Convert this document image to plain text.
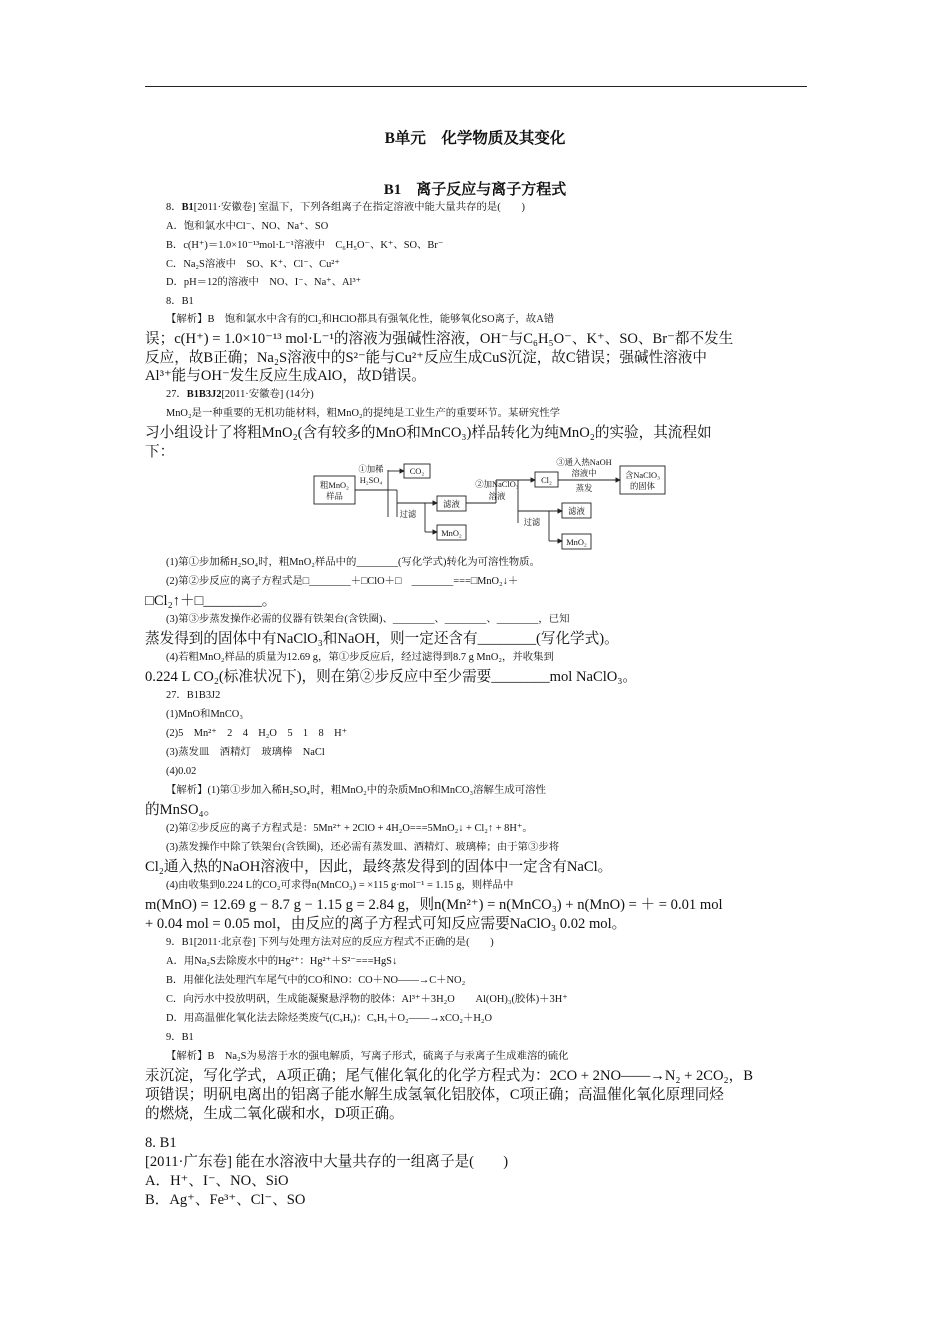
B单元　化学物质及其变化
B1　离子反应与离子方程式
8．B1[2011·安徽卷] 室温下，下列各组离子在指定溶液中能大量共存的是(　　)
A．饱和氯水中Cl⁻、NO、Na⁺、SO
B．c(H⁺)＝1.0×10⁻¹³mol·L⁻¹溶液中　C₆H₅O⁻、K⁺、SO、Br⁻
C．Na₂S溶液中　SO、K⁺、Cl⁻、Cu²⁺
D．pH＝12的溶液中　NO、I⁻、Na⁺、Al³⁺
8．B1
【解析】B　饱和氯水中含有的Cl₂和HClO都具有强氧化性，能够氧化SO离子，故A错
误；c(H⁺) = 1.0×10⁻¹³ mol·L⁻¹的溶液为强碱性溶液，OH⁻与C₆H₅O⁻、K⁺、SO、Br⁻都不发生
反应，故B正确；Na₂S溶液中的S²⁻能与Cu²⁺反应生成CuS沉淀，故C错误；强碱性溶液中
Al³⁺能与OH⁻发生反应生成AlO，故D错误。
27．B1B3J2[2011·安徽卷] (14分)
MnO₂是一种重要的无机功能材料，粗MnO₂的提纯是工业生产的重要环节。某研究性学
习小组设计了将粗MnO₂(含有较多的MnO和MnCO₃)样品转化为纯MnO₂的实验，其流程如
下：
粗MnO₂
样品
①加稀
H₂SO₄
CO₂
过滤
滤液
MnO₂
②加NaClO₃
溶液
Cl₂
③通入热NaOH
溶液中
蒸发
含NaClO₃
的固体
过滤
滤液
MnO₂
(1)第①步加稀H₂SO₄时，粗MnO₂样品中的________(写化学式)转化为可溶性物质。
(2)第②步反应的离子方程式是□________＋□ClO＋□　________===□MnO₂↓＋
□Cl₂↑＋□________。
(3)第③步蒸发操作必需的仪器有铁架台(含铁圈)、________、________、________，已知
蒸发得到的固体中有NaClO₃和NaOH，则一定还含有________(写化学式)。
(4)若粗MnO₂样品的质量为12.69 g，第①步反应后，经过滤得到8.7 g MnO₂，并收集到
0.224 L CO₂(标准状况下)，则在第②步反应中至少需要________mol NaClO₃。
27．B1B3J2
(1)MnO和MnCO₃
(2)5　Mn²⁺　2　4　H₂O　5　1　8　H⁺
(3)蒸发皿　酒精灯　玻璃棒　NaCl
(4)0.02
【解析】(1)第①步加入稀H₂SO₄时，粗MnO₂中的杂质MnO和MnCO₃溶解生成可溶性
的MnSO₄。
(2)第②步反应的离子方程式是：5Mn²⁺ + 2ClO + 4H₂O===5MnO₂↓ + Cl₂↑ + 8H⁺。
(3)蒸发操作中除了铁架台(含铁圈)，还必需有蒸发皿、酒精灯、玻璃棒；由于第③步将
Cl₂通入热的NaOH溶液中，因此，最终蒸发得到的固体中一定含有NaCl。
(4)由收集到0.224 L的CO₂可求得n(MnCO₃) = ×115 g·mol⁻¹ = 1.15 g，则样品中
m(MnO) = 12.69 g − 8.7 g − 1.15 g = 2.84 g，则n(Mn²⁺) = n(MnCO₃) + n(MnO) = ＋ = 0.01 mol
+ 0.04 mol = 0.05 mol，由反应的离子方程式可知反应需要NaClO₃ 0.02 mol。
9．B1[2011·北京卷] 下列与处理方法对应的反应方程式不正确的是(　　)
A．用Na₂S去除废水中的Hg²⁺：Hg²⁺＋S²⁻===HgS↓
B．用催化法处理汽车尾气中的CO和NO：CO＋NO——→C＋NO₂
C．向污水中投放明矾，生成能凝聚悬浮物的胶体：Al³⁺＋3H₂O　　Al(OH)₃(胶体)＋3H⁺
D．用高温催化氧化法去除烃类废气(CₓHᵧ)：CₓHᵧ＋O₂——→xCO₂＋H₂O
9．B1
【解析】B　Na₂S为易溶于水的强电解质，写离子形式，硫离子与汞离子生成难溶的硫化
汞沉淀，写化学式，A项正确；尾气催化氧化的化学方程式为：2CO + 2NO——→N₂ + 2CO₂，B
项错误；明矾电离出的铝离子能水解生成氢氧化铝胶体，C项正确；高温催化氧化原理同烃
的燃烧，生成二氧化碳和水，D项正确。
8. B1
[2011·广东卷] 能在水溶液中大量共存的一组离子是(　　)
A．H⁺、I⁻、NO、SiO
B．Ag⁺、Fe³⁺、Cl⁻、SO
